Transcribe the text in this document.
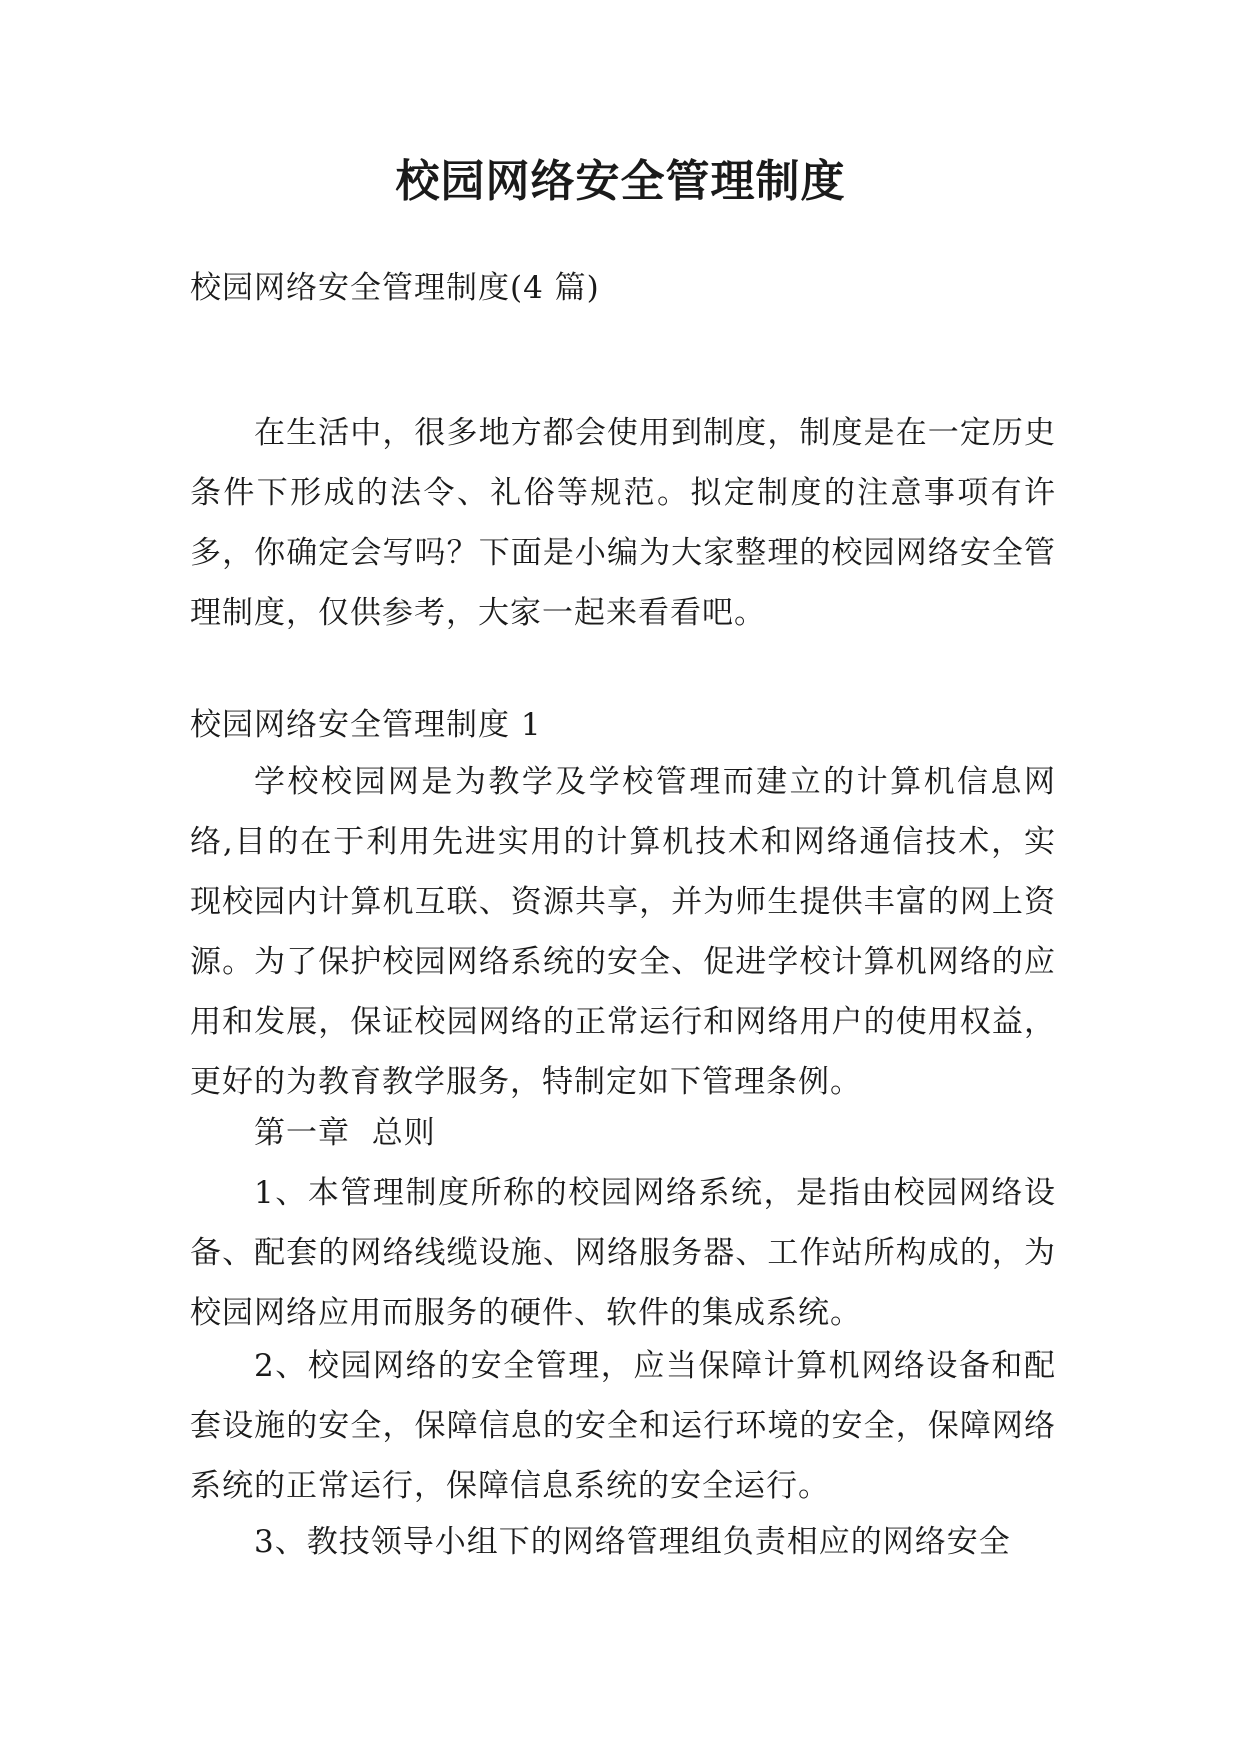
校园网络安全管理制度

校园网络安全管理制度(4 篇)

在生活中，很多地方都会使用到制度，制度是在一定历史条件下形成的法令、礼俗等规范。拟定制度的注意事项有许多，你确定会写吗？下面是小编为大家整理的校园网络安全管理制度，仅供参考，大家一起来看看吧。

校园网络安全管理制度 1

学校校园网是为教学及学校管理而建立的计算机信息网络,目的在于利用先进实用的计算机技术和网络通信技术，实现校园内计算机互联、资源共享，并为师生提供丰富的网上资源。为了保护校园网络系统的安全、促进学校计算机网络的应用和发展，保证校园网络的正常运行和网络用户的使用权益，更好的为教育教学服务，特制定如下管理条例。

第一章  总则

1、本管理制度所称的校园网络系统，是指由校园网络设备、配套的网络线缆设施、网络服务器、工作站所构成的，为校园网络应用而服务的硬件、软件的集成系统。

2、校园网络的安全管理，应当保障计算机网络设备和配套设施的安全，保障信息的安全和运行环境的安全，保障网络系统的正常运行，保障信息系统的安全运行。

3、教技领导小组下的网络管理组负责相应的网络安全
